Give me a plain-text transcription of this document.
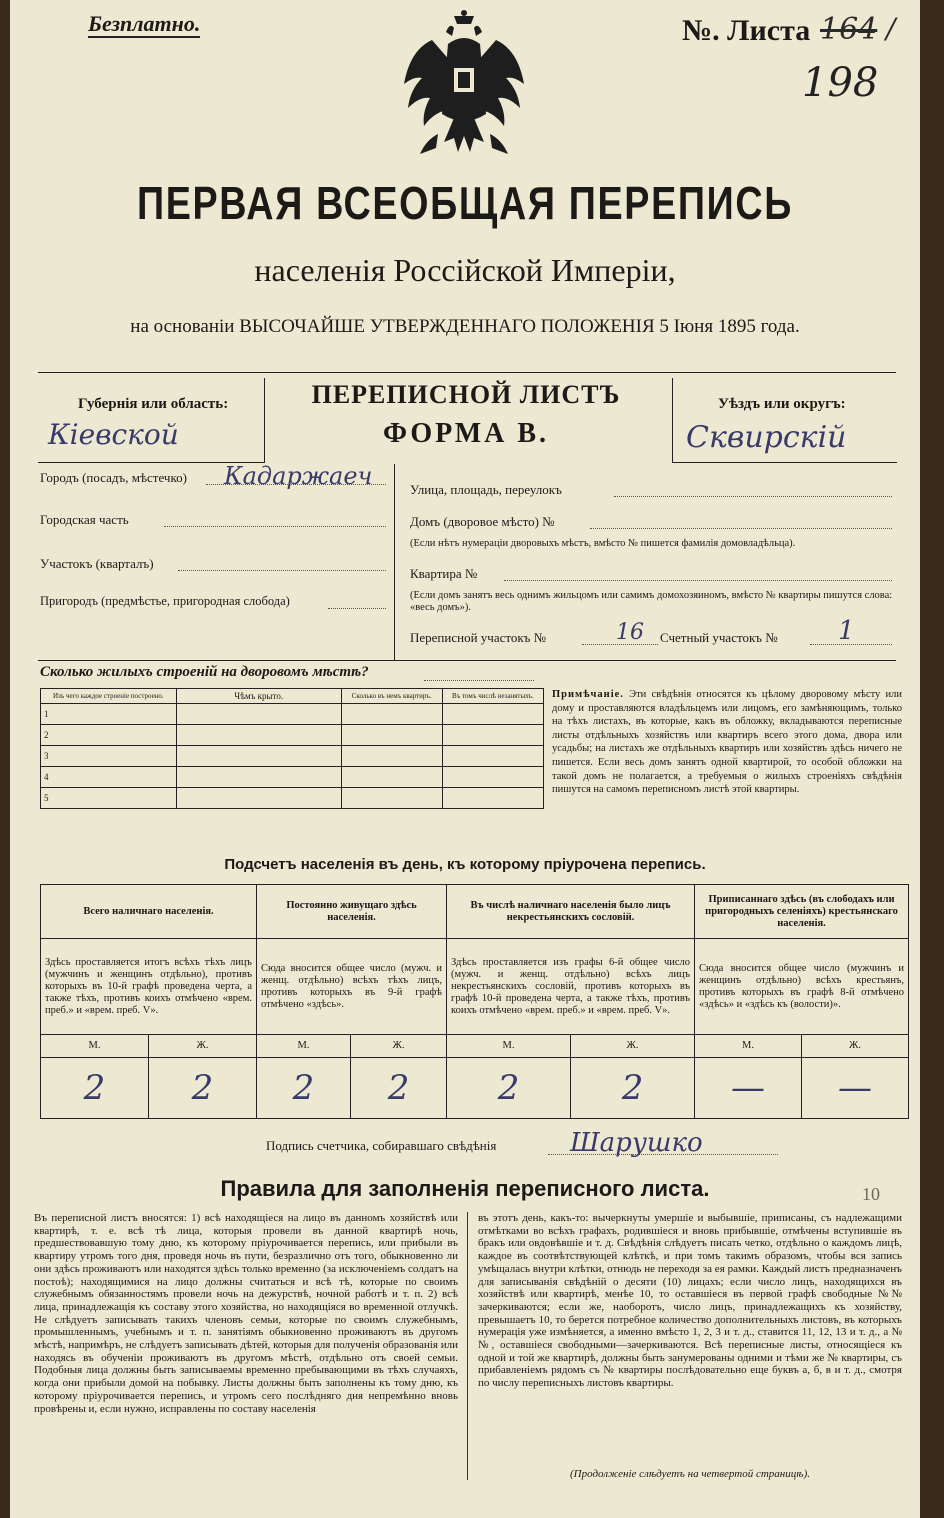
Безплатно.	№. Листа 164 /
198
ПЕРВАЯ ВСЕОБЩАЯ ПЕРЕПИСЬ
населенія Россійской Имперіи,
на основаніи ВЫСОЧАЙШЕ УТВЕРЖДЕННАГО ПОЛОЖЕНІЯ 5 Іюня 1895 года.
Губернія или область:
Кіевской
ПЕРЕПИСНОЙ ЛИСТЪ
ФОРМА В.
Уѣздъ или округъ:
Сквирскій
Городъ (посадъ, мѣстечко)	Кадаржаеч
Городская часть
Участокъ (кварталъ)
Пригородъ (предмѣстье, пригородная слобода)
Улица, площадь, переулокъ
Домъ (дворовое мѣсто) №
(Если нѣтъ нумераціи дворовыхъ мѣстъ, вмѣсто № пишется фамилія домовладѣльца).
Квартира №
(Если домъ занятъ весь однимъ жильцомъ или самимъ домохозяиномъ, вмѣсто № квартиры пишутся слова: «весь домъ»).
Переписной участокъ №	16 Счетный участокъ № 1
Сколько жилыхъ строеній на дворовомъ мѣстѣ?
Изъ чего каждое строеніе построено.	Чѣмъ крыто.	Сколько въ немъ квартиръ.	Въ томъ числѣ незанятыхъ.
1			
2			
3			
4			
5			
Примѣчаніе. Эти свѣдѣнія относятся къ цѣлому дворовому мѣсту или дому и проставляются владѣльцемъ или лицомъ, его замѣняющимъ, только на тѣхъ листахъ, въ которые, какъ въ обложку, вкладываются переписные листы отдѣльныхъ хозяйствъ или квартиръ всего этого дома, двора или усадьбы; на листахъ же отдѣльныхъ квартиръ или хозяйствъ здѣсь ничего не пишется. Если весь домъ занятъ одной квартирой, то особой обложки на такой домъ не полагается, а требуемыя о жилыхъ строеніяхъ свѣдѣнія пишутся на самомъ переписномъ листѣ этой квартиры.
Подсчетъ населенія въ день, къ которому пріурочена перепись.
Всего наличнаго населенія.		Постоянно живущаго здѣсь населенія.		Въ числѣ наличнаго населенія было лицъ некрестьянскихъ сословій.		Приписаннаго здѣсь (въ слободахъ или пригородныхъ селеніяхъ) крестьянскаго населенія.	
Здѣсь проставляется итогъ всѣхъ тѣхъ лицъ (мужчинъ и женщинъ отдѣльно), противъ которыхъ въ 10-й графѣ проведена черта, а также тѣхъ, противъ коихъ отмѣчено «врем. преб.» и «врем. преб. V».		Сюда вносится общее число (мужч. и женщ. отдѣльно) всѣхъ тѣхъ лицъ, противъ которыхъ въ 9-й графѣ отмѣчено «здѣсь».		Здѣсь проставляется изъ графы 6-й общее число (мужч. и женщ. отдѣльно) всѣхъ лицъ некрестьянскихъ сословій, противъ которыхъ въ графѣ 10-й проведена черта, а также тѣхъ, противъ коихъ отмѣчено «врем. преб.» и «врем. преб. V».		Сюда вносится общее число (мужчинъ и женщинъ отдѣльно) всѣхъ крестьянъ, противъ которыхъ въ графѣ 8-й отмѣчено «здѣсь» и «здѣсь къ (волости)».	
М.	Ж.	М.	Ж.	М.	Ж.	М.	Ж.
2	2	2	2	2	2	—	—
Подпись счетчика, собиравшаго свѣдѣнія	Шарушко
Правила для заполненія переписного листа.
Въ переписной листъ вносятся: 1) всѣ находящіеся на лицо въ данномъ хозяйствѣ или квартирѣ, т. е. всѣ тѣ лица, которыя провели въ данной квартирѣ ночь, предшествовавшую тому дню, къ которому пріурочивается перепись, или прибыли въ квартиру утромъ того дня, проведя ночь въ пути, безразлично отъ того, обыкновенно ли они здѣсь проживаютъ или находятся здѣсь только временно (за исключеніемъ солдатъ на постоѣ); находящимися на лицо должны считаться и всѣ тѣ, которые по своимъ служебнымъ обязанностямъ провели ночь на дежурствѣ, ночной работѣ и т. п. 2) всѣ лица, принадлежащія къ составу этого хозяйства, но находящіяся во временной отлучкѣ. Не слѣдуетъ записывать такихъ членовъ семьи, которые по своимъ служебнымъ, промышленнымъ, учебнымъ и т. п. занятіямъ обыкновенно проживаютъ въ другомъ мѣстѣ, напримѣръ, не слѣдуетъ записывать дѣтей, которыя для полученія образованія или находясь въ обученіи проживаютъ въ другомъ мѣстѣ, отдѣльно отъ своей семьи. Подобныя лица должны быть записываемы временно пребывающими въ тѣхъ случаяхъ, когда они прибыли домой на побывку. Листы должны быть заполнены къ тому дню, къ которому пріурочивается перепись, и утромъ сего послѣдняго дня непремѣнно вновь провѣрены и, если нужно, исправлены по составу населенія
въ этотъ день, какъ-то: вычеркнуты умершіе и выбывшіе, приписаны, съ надлежащими отмѣтками во всѣхъ графахъ, родившіеся и вновь прибывшіе, отмѣчены вступившіе въ бракъ или овдовѣвшіе и т. д. Свѣдѣнія слѣдуетъ писать четко, отдѣльно о каждомъ лицѣ, каждое въ соотвѣтствующей клѣткѣ, и при томъ такимъ образомъ, чтобы вся запись умѣщалась внутри клѣтки, отнюдь не переходя за ея рамки. Каждый листъ предназначенъ для записыванія свѣдѣній о десяти (10) лицахъ; если число лицъ, находящихся въ хозяйствѣ или квартирѣ, менѣе 10, то оставшіеся въ первой графѣ свободные №№ зачеркиваются; если же, наоборотъ, число лицъ, принадлежащихъ къ хозяйству, превышаетъ 10, то берется потребное количество дополнительныхъ листовъ, въ которыхъ нумерація уже измѣняется, а именно вмѣсто 1, 2, 3 и т. д., ставится 11, 12, 13 и т. д., а №№, оставшіеся свободными—зачеркиваются. Всѣ переписные листы, относящіеся къ одной и той же квартирѣ, должны быть занумерованы одними и тѣми же № квартиры, съ прибавленіемъ рядомъ съ № квартиры послѣдовательно еще буквъ а, б, в и т. д., смотря по числу переписныхъ листовъ квартиры.
(Продолженіе слѣдуетъ на четвертой страницѣ).
10
